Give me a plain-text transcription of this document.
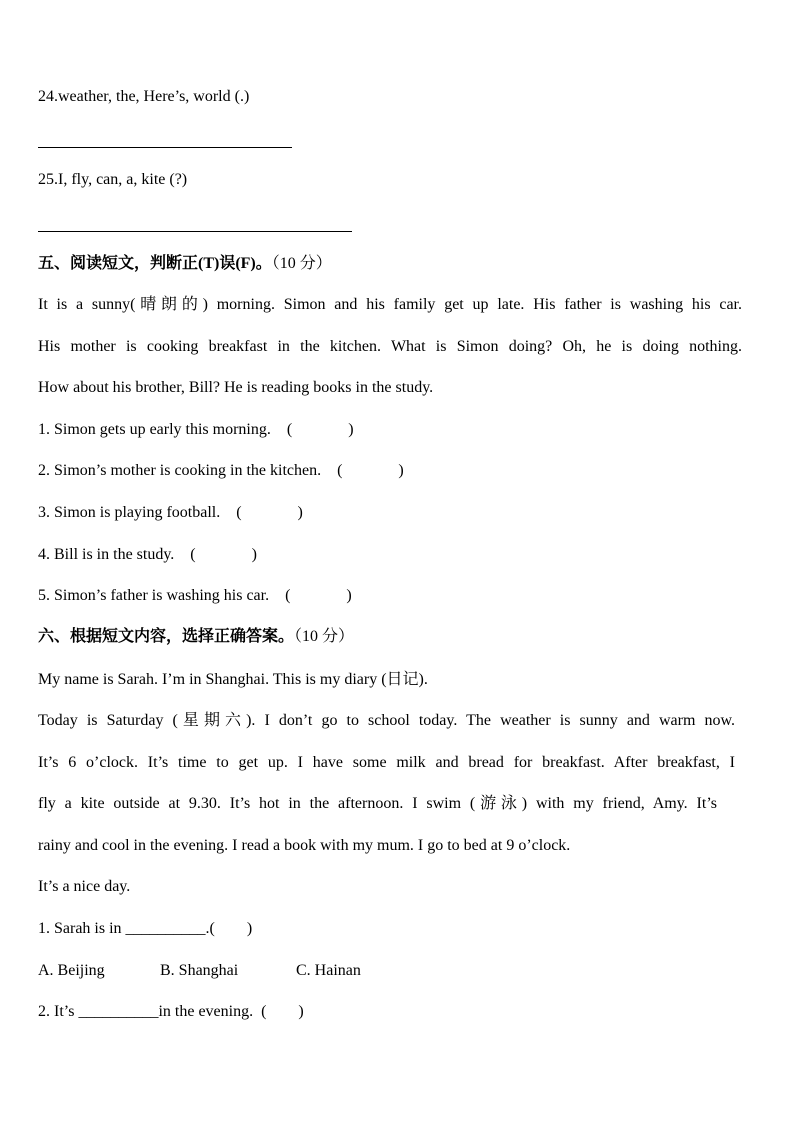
24.weather, the, Here’s, world (.)
25.I, fly, can, a, kite (?)
五、阅读短文，判断正(T)误(F)。（10 分）
It is a sunny(晴朗的) morning. Simon and his family get up late. His father is washing his car.
His mother is cooking breakfast in the kitchen. What is Simon doing? Oh, he is doing nothing.
How about his brother, Bill? He is reading books in the study.
1. Simon gets up early this morning.    (              )
2. Simon’s mother is cooking in the kitchen.    (              )
3. Simon is playing football.    (              )
4. Bill is in the study.    (              )
5. Simon’s father is washing his car.    (              )
六、根据短文内容，选择正确答案。（10 分）
My name is Sarah. I’m in Shanghai. This is my diary (日记).
Today is Saturday (星期六). I don’t go to school today. The weather is sunny and warm now.
It’s 6 o’clock. It’s time to get up. I have some milk and bread for breakfast. After breakfast, I
fly a kite outside at 9.30. It’s hot in the afternoon. I swim (游泳) with my friend, Amy. It’s
rainy and cool in the evening. I read a book with my mum. I go to bed at 9 o’clock.
It’s a nice day.
1. Sarah is in __________.(        )
A. Beijing	B. Shanghai	C. Hainan
2. It’s __________in the evening.  (        )
